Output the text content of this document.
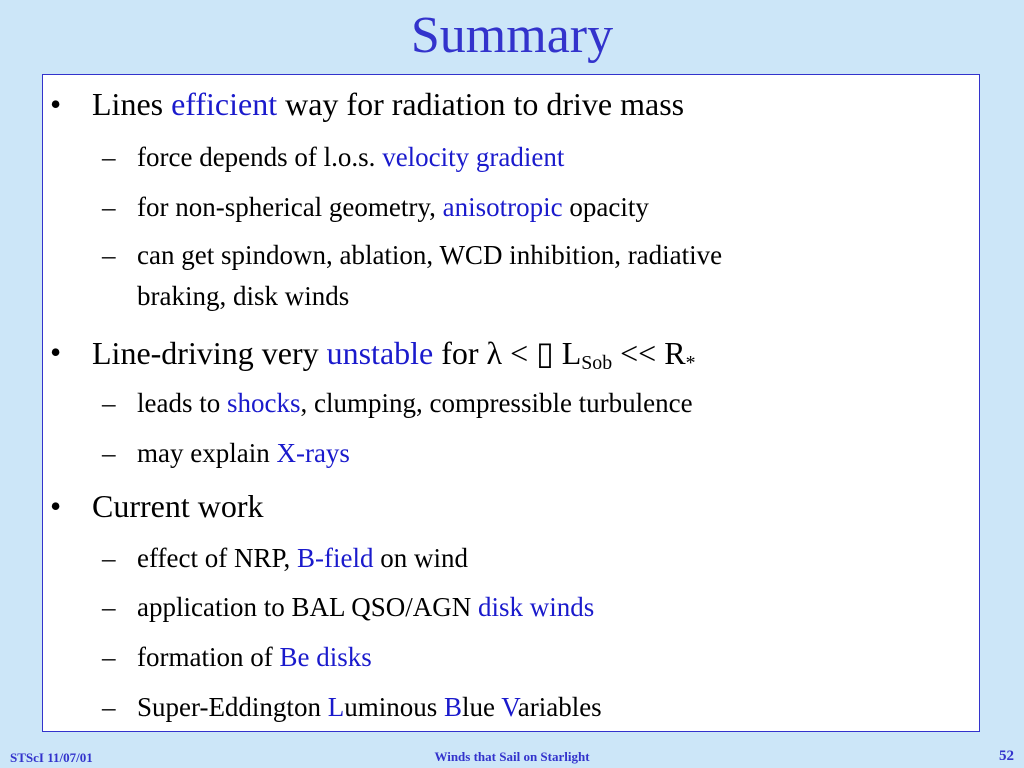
Summary
• Lines efficient way for radiation to drive mass
– force depends of l.o.s. velocity gradient
– for non-spherical geometry, anisotropic opacity
– can get spindown, ablation, WCD inhibition, radiative
braking, disk winds
• Line-driving very unstable for λ < ▯ $L_{Sob} << R_*$
– leads to shocks, clumping, compressible turbulence
– may explain X-rays
• Current work
– effect of NRP, B-field on wind
– application to BAL QSO/AGN disk winds
– formation of Be disks
– Super-Eddington Luminous Blue Variables
STScI 11/07/01	Winds that Sail on Starlight	52
